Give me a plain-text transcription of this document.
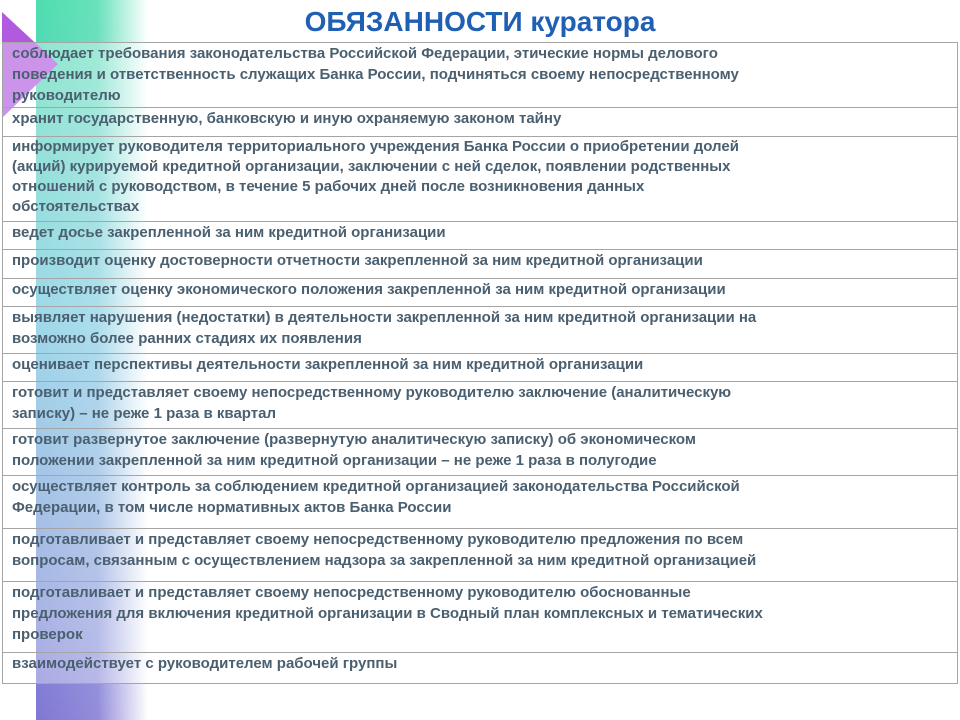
ОБЯЗАННОСТИ куратора
соблюдает требования законодательства Российской Федерации, этические нормы делового
поведения и ответственность служащих Банка России, подчиняться своему непосредственному
руководителю

хранит государственную, банковскую и иную охраняемую законом тайну

информирует руководителя территориального учреждения Банка России о приобретении долей
(акций) курируемой кредитной организации, заключении с ней сделок, появлении родственных
отношений с руководством, в течение 5 рабочих дней после возникновения данных
обстоятельствах

ведет досье закрепленной за ним кредитной организации

производит оценку достоверности отчетности закрепленной за ним кредитной организации

осуществляет оценку экономического положения закрепленной за ним кредитной организации

выявляет нарушения (недостатки) в деятельности закрепленной за ним кредитной организации на
возможно более ранних стадиях их появления

оценивает перспективы деятельности закрепленной за ним кредитной организации

готовит и представляет своему непосредственному руководителю заключение (аналитическую
записку) – не реже 1 раза в квартал

готовит развернутое заключение (развернутую аналитическую записку) об экономическом
положении закрепленной за ним кредитной организации – не реже 1 раза в полугодие

осуществляет контроль за соблюдением кредитной организацией законодательства Российской
Федерации, в том числе нормативных актов Банка России

подготавливает и представляет своему непосредственному руководителю предложения по всем
вопросам, связанным с осуществлением надзора за закрепленной за ним кредитной организацией

подготавливает и представляет своему непосредственному руководителю обоснованные
предложения для включения кредитной организации в Сводный план комплексных и тематических
проверок

взаимодействует с руководителем рабочей группы
